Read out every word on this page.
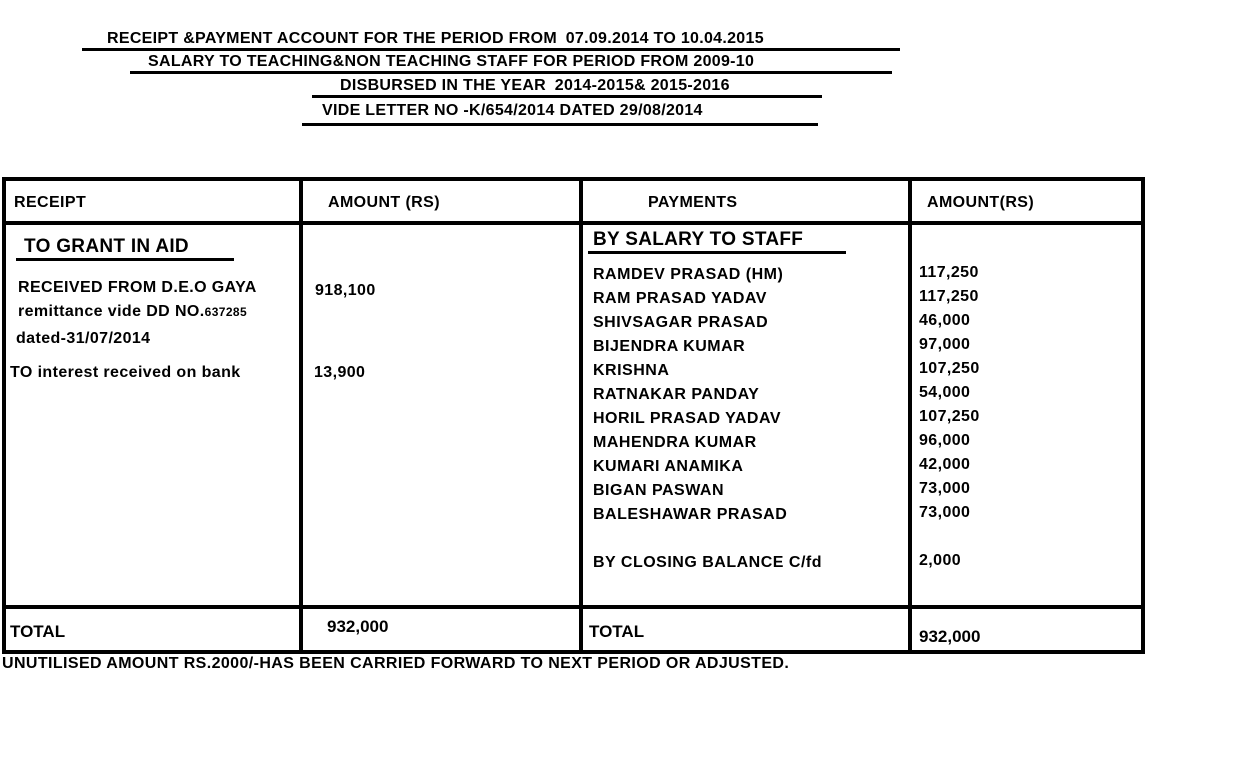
RECEIPT &PAYMENT ACCOUNT FOR THE PERIOD FROM 07.09.2014 TO 10.04.2015
SALARY TO TEACHING&NON TEACHING STAFF FOR PERIOD FROM 2009-10
DISBURSED IN THE YEAR 2014-2015& 2015-2016
VIDE LETTER NO -K/654/2014 DATED 29/08/2014
RECEIPT	AMOUNT (RS)	PAYMENTS	AMOUNT(RS)
TO GRANT IN AID
RECEIVED FROM D.E.O GAYA
remittance vide DD NO.637285
dated-31/07/2014
918,100
TO interest received on bank	13,900
BY SALARY TO STAFF
RAMDEV PRASAD (HM)	117,250
RAM PRASAD YADAV	117,250
SHIVSAGAR PRASAD	46,000
BIJENDRA KUMAR	97,000
KRISHNA	107,250
RATNAKAR PANDAY	54,000
HORIL PRASAD YADAV	107,250
MAHENDRA KUMAR	96,000
KUMARI ANAMIKA	42,000
BIGAN PASWAN	73,000
BALESHAWAR PRASAD	73,000
BY CLOSING BALANCE C/fd	2,000
TOTAL	932,000	TOTAL	932,000
UNUTILISED AMOUNT RS.2000/-HAS BEEN CARRIED FORWARD TO NEXT PERIOD OR ADJUSTED.
